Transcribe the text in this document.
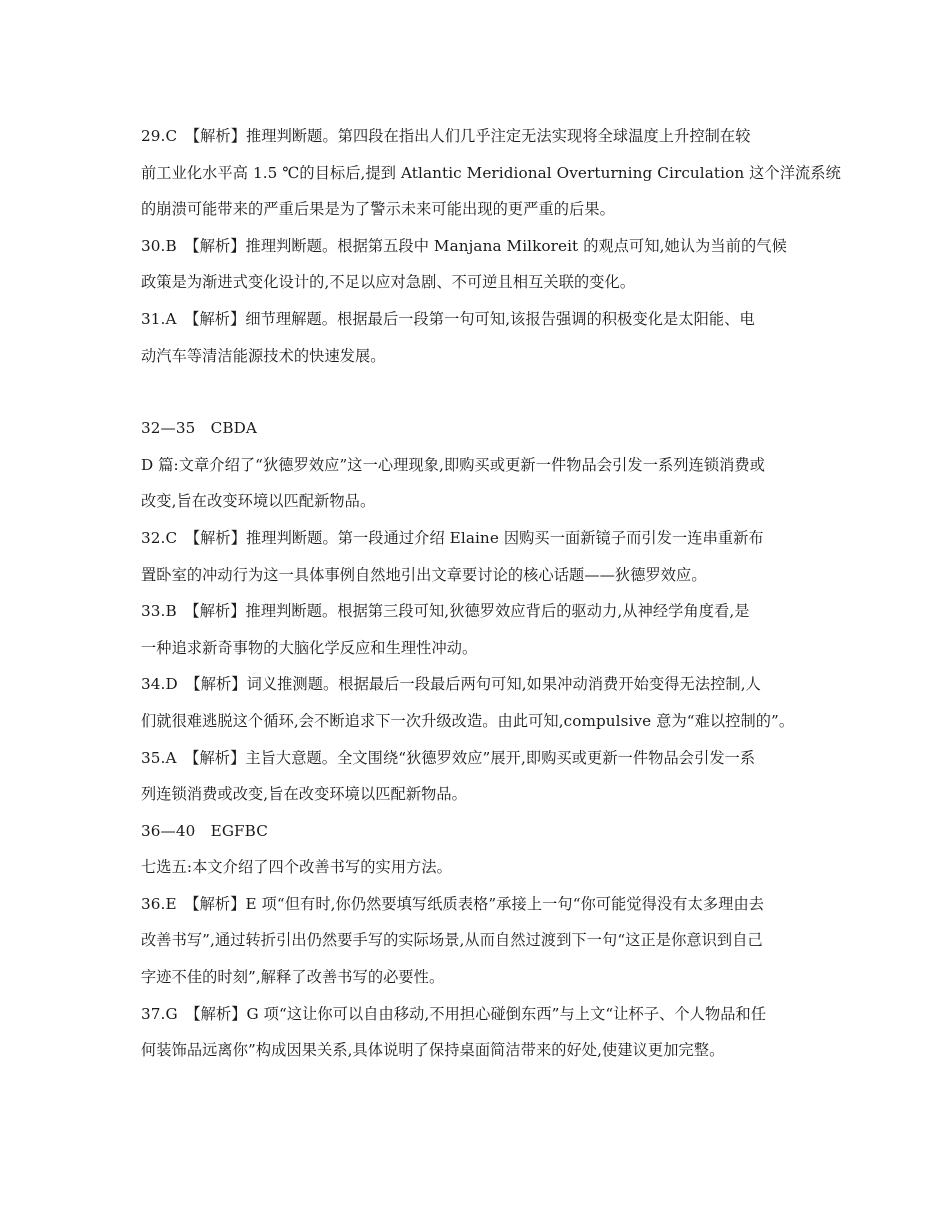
29.C　【解析】推理判断题。第四段在指出人们几乎注定无法实现将全球温度上升控制在较
前工业化水平高 1.5 ℃的目标后,提到 Atlantic Meridional Overturning Circulation 这个洋流系统
的崩溃可能带来的严重后果是为了警示未来可能出现的更严重的后果。
30.B　【解析】推理判断题。根据第五段中 Manjana Milkoreit 的观点可知,她认为当前的气候
政策是为渐进式变化设计的,不足以应对急剧、不可逆且相互关联的变化。
31.A　【解析】细节理解题。根据最后一段第一句可知,该报告强调的积极变化是太阳能、电
动汽车等清洁能源技术的快速发展。
32—35　CBDA
D 篇:文章介绍了“狄德罗效应”这一心理现象,即购买或更新一件物品会引发一系列连锁消费或
改变,旨在改变环境以匹配新物品。
32.C　【解析】推理判断题。第一段通过介绍 Elaine 因购买一面新镜子而引发一连串重新布
置卧室的冲动行为这一具体事例自然地引出文章要讨论的核心话题——狄德罗效应。
33.B　【解析】推理判断题。根据第三段可知,狄德罗效应背后的驱动力,从神经学角度看,是
一种追求新奇事物的大脑化学反应和生理性冲动。
34.D　【解析】词义推测题。根据最后一段最后两句可知,如果冲动消费开始变得无法控制,人
们就很难逃脱这个循环,会不断追求下一次升级改造。由此可知,compulsive 意为“难以控制的”。
35.A　【解析】主旨大意题。全文围绕“狄德罗效应”展开,即购买或更新一件物品会引发一系
列连锁消费或改变,旨在改变环境以匹配新物品。
36—40　EGFBC
七选五:本文介绍了四个改善书写的实用方法。
36.E　【解析】E 项“但有时,你仍然要填写纸质表格”承接上一句“你可能觉得没有太多理由去
改善书写”,通过转折引出仍然要手写的实际场景,从而自然过渡到下一句“这正是你意识到自己
字迹不佳的时刻”,解释了改善书写的必要性。
37.G　【解析】G 项“这让你可以自由移动,不用担心碰倒东西”与上文“让杯子、个人物品和任
何装饰品远离你”构成因果关系,具体说明了保持桌面简洁带来的好处,使建议更加完整。
